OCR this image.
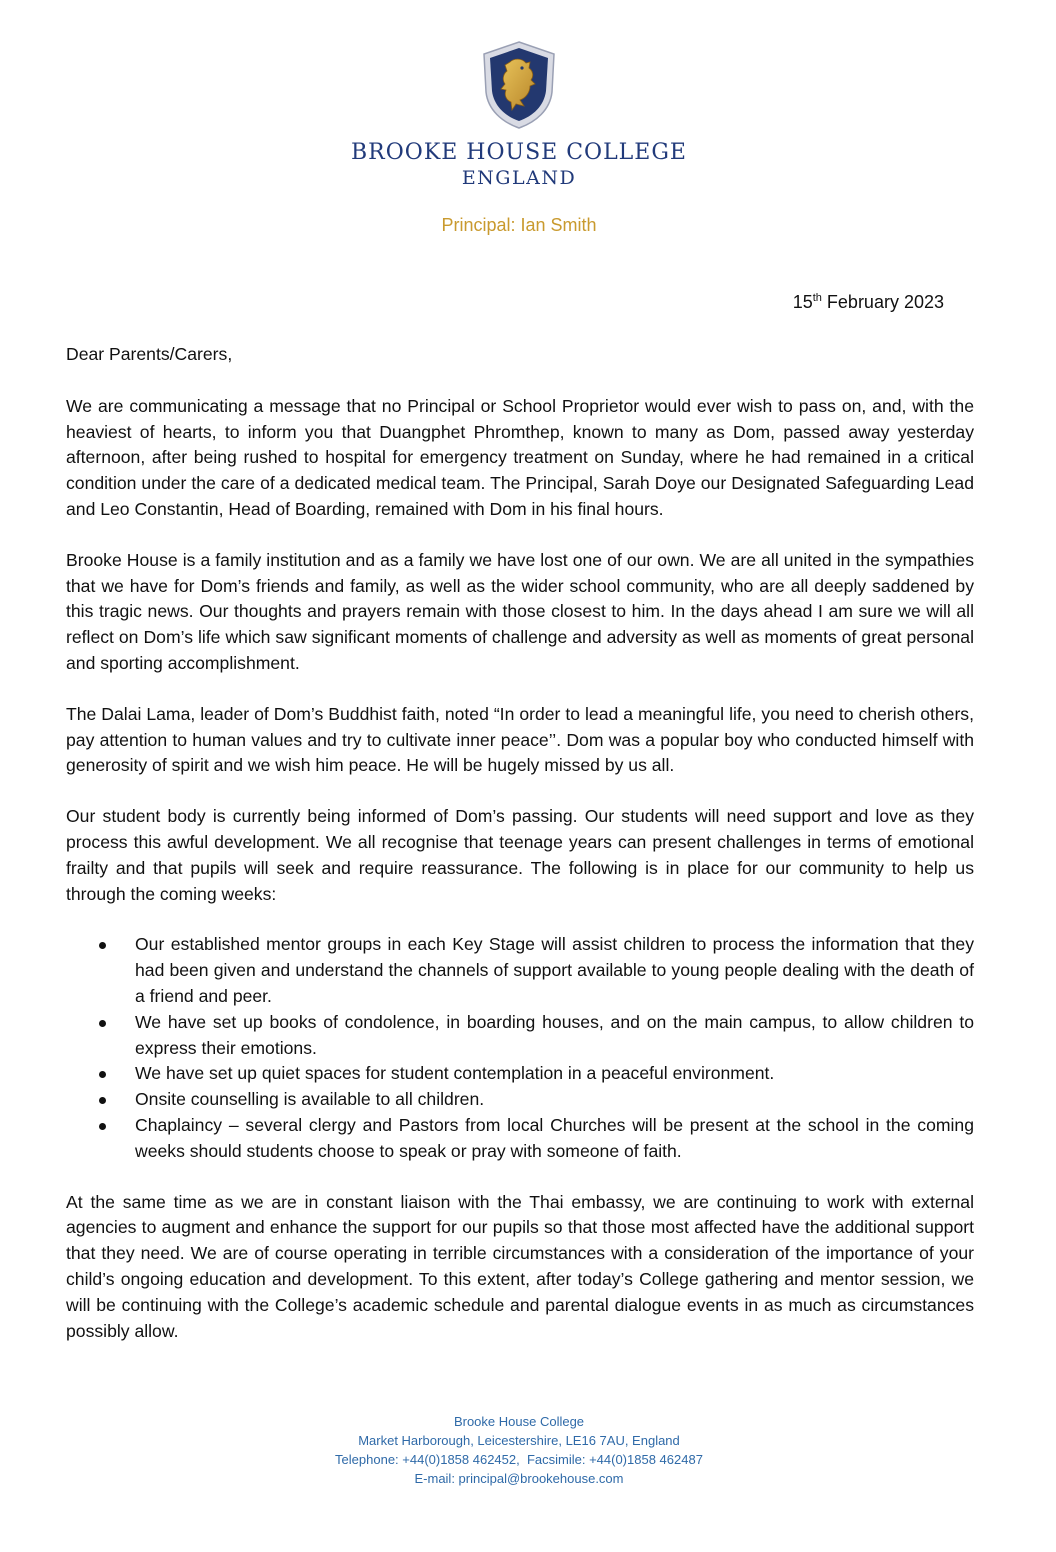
BROOKE HOUSE COLLEGE
ENGLAND
Principal: Ian Smith
15th February 2023

Dear Parents/Carers,

We are communicating a message that no Principal or School Proprietor would ever wish to pass on, and, with the heaviest of hearts, to inform you that Duangphet Phromthep, known to many as Dom, passed away yesterday afternoon, after being rushed to hospital for emergency treatment on Sunday, where he had remained in a critical condition under the care of a dedicated medical team. The Principal, Sarah Doye our Designated Safeguarding Lead and Leo Constantin, Head of Boarding, remained with Dom in his final hours.

Brooke House is a family institution and as a family we have lost one of our own. We are all united in the sympathies that we have for Dom’s friends and family, as well as the wider school community, who are all deeply saddened by this tragic news. Our thoughts and prayers remain with those closest to him. In the days ahead I am sure we will all reflect on Dom’s life which saw significant moments of challenge and adversity as well as moments of great personal and sporting accomplishment.

The Dalai Lama, leader of Dom’s Buddhist faith, noted “In order to lead a meaningful life, you need to cherish others, pay attention to human values and try to cultivate inner peace’’. Dom was a popular boy who conducted himself with generosity of spirit and we wish him peace. He will be hugely missed by us all.

Our student body is currently being informed of Dom’s passing. Our students will need support and love as they process this awful development. We all recognise that teenage years can present challenges in terms of emotional frailty and that pupils will seek and require reassurance. The following is in place for our community to help us through the coming weeks:

Our established mentor groups in each Key Stage will assist children to process the information that they had been given and understand the channels of support available to young people dealing with the death of a friend and peer.
We have set up books of condolence, in boarding houses, and on the main campus, to allow children to express their emotions.
We have set up quiet spaces for student contemplation in a peaceful environment.
Onsite counselling is available to all children.
Chaplaincy – several clergy and Pastors from local Churches will be present at the school in the coming weeks should students choose to speak or pray with someone of faith.

At the same time as we are in constant liaison with the Thai embassy, we are continuing to work with external agencies to augment and enhance the support for our pupils so that those most affected have the additional support that they need. We are of course operating in terrible circumstances with a consideration of the importance of your child’s ongoing education and development. To this extent, after today’s College gathering and mentor session, we will be continuing with the College’s academic schedule and parental dialogue events in as much as circumstances possibly allow.

Brooke House College
Market Harborough, Leicestershire, LE16 7AU, England
Telephone: +44(0)1858 462452,  Facsimile: +44(0)1858 462487
E-mail: principal@brookehouse.com
